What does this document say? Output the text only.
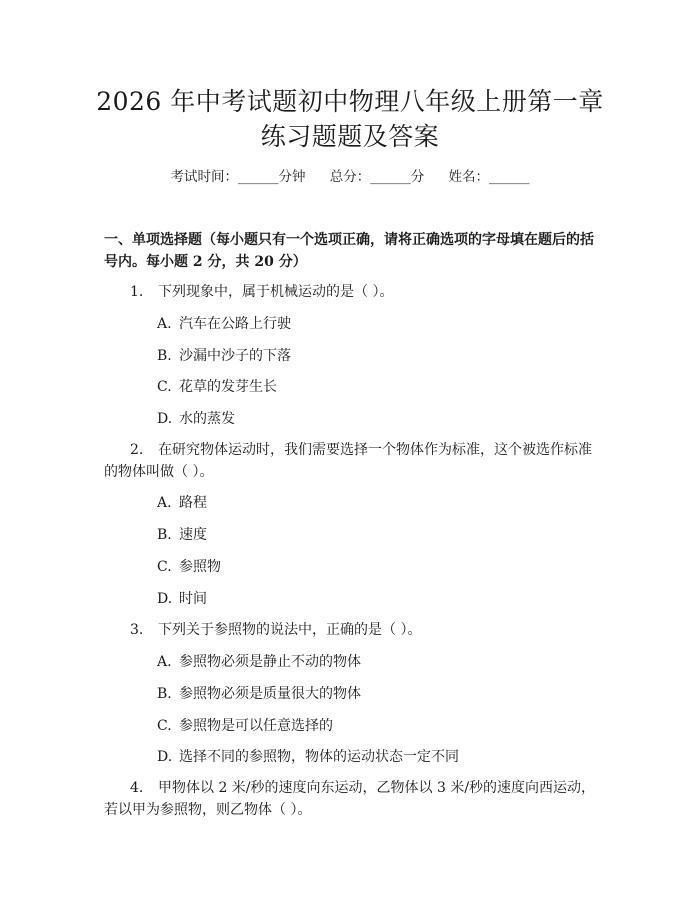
2026 年中考试题初中物理八年级上册第一章
练习题题及答案
考试时间：______分钟 总分：______分 姓名：______
一、单项选择题（每小题只有一个选项正确，请将正确选项的字母填在题后的括号内。每小题 2 分，共 20 分）
1. 下列现象中，属于机械运动的是（ ）。
A. 汽车在公路上行驶
B. 沙漏中沙子的下落
C. 花草的发芽生长
D. 水的蒸发
2. 在研究物体运动时，我们需要选择一个物体作为标准，这个被选作标准的物体叫做（ ）。
A. 路程
B. 速度
C. 参照物
D. 时间
3. 下列关于参照物的说法中，正确的是（ ）。
A. 参照物必须是静止不动的物体
B. 参照物必须是质量很大的物体
C. 参照物是可以任意选择的
D. 选择不同的参照物，物体的运动状态一定不同
4. 甲物体以 2 米/秒的速度向东运动，乙物体以 3 米/秒的速度向西运动，若以甲为参照物，则乙物体（ ）。
